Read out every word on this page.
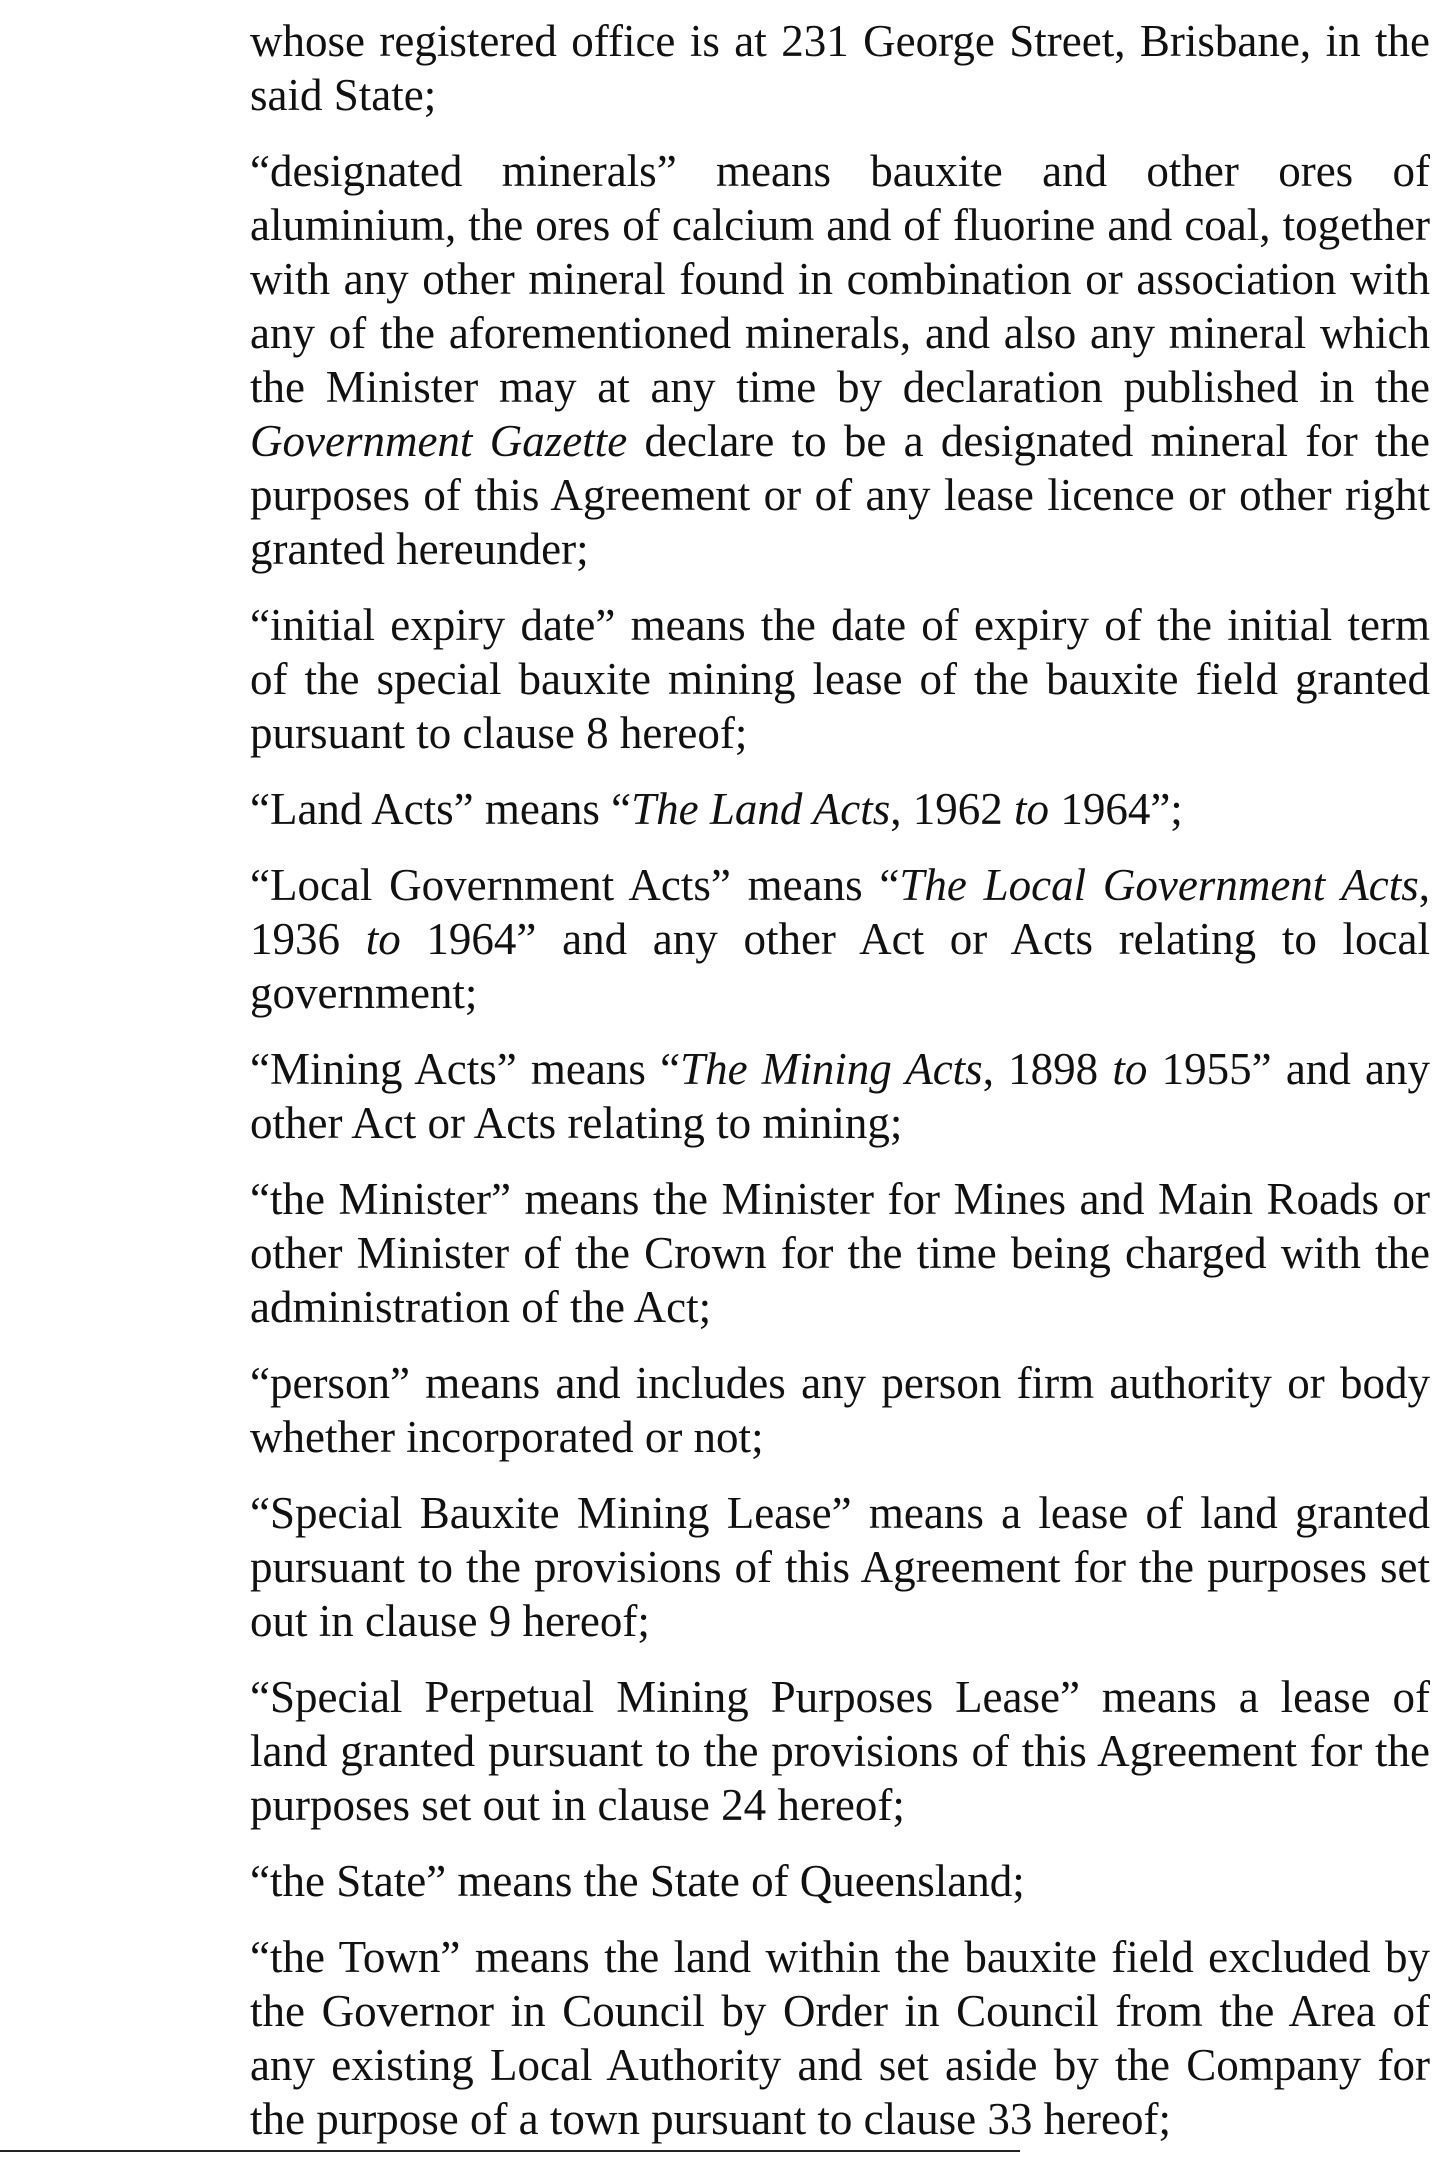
whose registered office is at 231 George Street, Brisbane, in the said State;

“designated minerals” means bauxite and other ores of aluminium, the ores of calcium and of fluorine and coal, together with any other mineral found in combination or association with any of the aforementioned minerals, and also any mineral which the Minister may at any time by declaration published in the Government Gazette declare to be a designated mineral for the purposes of this Agreement or of any lease licence or other right granted hereunder;

“initial expiry date” means the date of expiry of the initial term of the special bauxite mining lease of the bauxite field granted pursuant to clause 8 hereof;

“Land Acts” means “The Land Acts, 1962 to 1964”;

“Local Government Acts” means “The Local Government Acts, 1936 to 1964” and any other Act or Acts relating to local government;

“Mining Acts” means “The Mining Acts, 1898 to 1955” and any other Act or Acts relating to mining;

“the Minister” means the Minister for Mines and Main Roads or other Minister of the Crown for the time being charged with the administration of the Act;

“person” means and includes any person firm authority or body whether incorporated or not;

“Special Bauxite Mining Lease” means a lease of land granted pursuant to the provisions of this Agreement for the purposes set out in clause 9 hereof;

“Special Perpetual Mining Purposes Lease” means a lease of land granted pursuant to the provisions of this Agreement for the purposes set out in clause 24 hereof;

“the State” means the State of Queensland;

“the Town” means the land within the bauxite field excluded by the Governor in Council by Order in Council from the Area of any existing Local Authority and set aside by the Company for the purpose of a town pursuant to clause 33 hereof;
